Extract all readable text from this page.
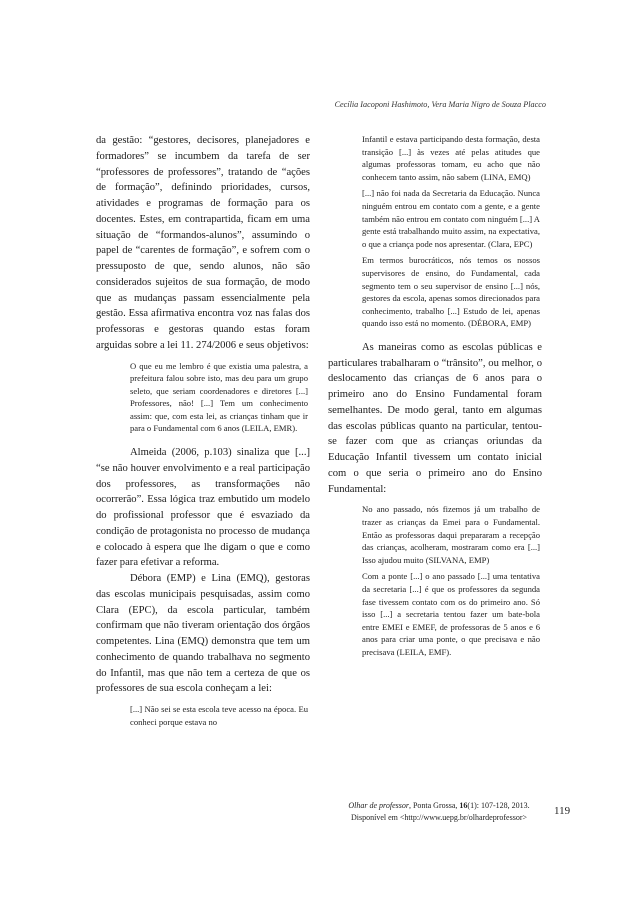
Cecília Iacoponi Hashimoto, Vera Maria Nigro de Souza Placco

da gestão: “gestores, decisores, planejadores e formadores” se incumbem da tarefa de ser “professores de professores”, tratando de “ações de formação”, definindo prioridades, cursos, atividades e programas de formação para os docentes. Estes, em contrapartida, ficam em uma situação de “formandos-alunos”, assumindo o papel de “carentes de formação”, e sofrem com o pressuposto de que, sendo alunos, não são considerados sujeitos de sua formação, de modo que as mudanças passam essencialmente pela gestão. Essa afirmativa encontra voz nas falas dos professoras e gestoras quando estas foram arguidas sobre a lei 11. 274/2006 e seus objetivos:

O que eu me lembro é que existia uma palestra, a prefeitura falou sobre isto, mas deu para um grupo seleto, que seriam coordenadores e diretores [...] Professores, não! [...] Tem um conhecimento assim: que, com esta lei, as crianças tinham que ir para o Fundamental com 6 anos (LEILA, EMR).

Almeida (2006, p.103) sinaliza que [...] “se não houver envolvimento e a real participação dos professores, as transformações não ocorrerão”. Essa lógica traz embutido um modelo do profissional professor que é esvaziado da condição de protagonista no processo de mudança e colocado à espera que lhe digam o que e como fazer para efetivar a reforma.

Débora (EMP) e Lina (EMQ), gestoras das escolas municipais pesquisadas, assim como Clara (EPC), da escola particular, também confirmam que não tiveram orientação dos órgãos competentes. Lina (EMQ) demonstra que tem um conhecimento de quando trabalhava no segmento do Infantil, mas que não tem a certeza de que os professores de sua escola conheçam a lei:

[...] Não sei se esta escola teve acesso na época. Eu conheci porque estava no

Infantil e estava participando desta formação, desta transição [...] às vezes até pelas atitudes que algumas professoras tomam, eu acho que não conhecem tanto assim, não sabem (LINA, EMQ)

[...] não foi nada da Secretaria da Educação. Nunca ninguém entrou em contato com a gente, e a gente também não entrou em contato com ninguém [...] A gente está trabalhando muito assim, na expectativa, o que a criança pode nos apresentar. (Clara, EPC)

Em termos burocráticos, nós temos os nossos supervisores de ensino, do Fundamental, cada segmento tem o seu supervisor de ensino [...] nós, gestores da escola, apenas somos direcionados para conhecimento, trabalho [...] Estudo de lei, apenas quando isso está no momento. (DÉBORA, EMP)

As maneiras como as escolas públicas e particulares trabalharam o “trânsito”, ou melhor, o deslocamento das crianças de 6 anos para o primeiro ano do Ensino Fundamental foram semelhantes. De modo geral, tanto em algumas das escolas públicas quanto na particular, tentou-se fazer com que as crianças oriundas da Educação Infantil tivessem um contato inicial com o que seria o primeiro ano do Ensino Fundamental:

No ano passado, nós fizemos já um trabalho de trazer as crianças da Emei para o Fundamental. Então as professoras daqui prepararam a recepção das crianças, acolheram, mostraram como era [...] Isso ajudou muito (SILVANA, EMP)

Com a ponte [...] o ano passado [...] uma tentativa da secretaria [...] é que os professores da segunda fase tivessem contato com os do primeiro ano. Só isso [...] a secretaria tentou fazer um bate-bola entre EMEI e EMEF, de professoras de 5 anos e 6 anos para criar uma ponte, o que precisava e não precisava (LEILA, EMF).

Olhar de professor, Ponta Grossa, 16(1): 107-128, 2013.
Disponível em <http://www.uepg.br/olhardeprofessor>
119
